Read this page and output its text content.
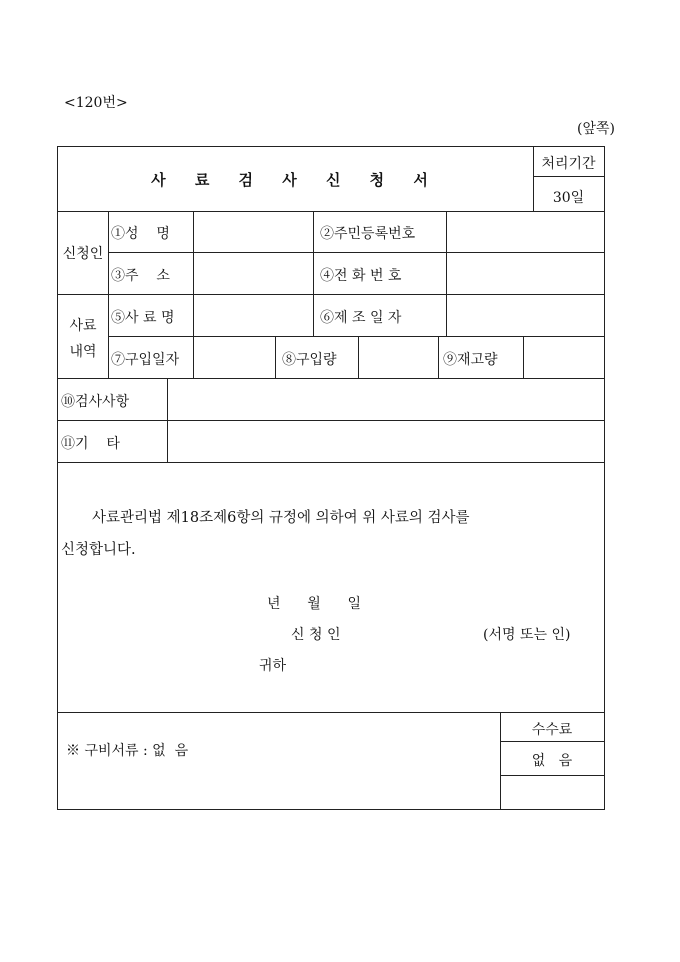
<120번>
(앞쪽)
사 료 검 사 신 청 서
처리기간
30일
신청인
①성    명	②주민등록번호
③주    소	④전 화 번 호
사료
내역
⑤사 료 명	⑥제 조 일 자
⑦구입일자	⑧구입량	⑨재고량
⑩검사사항
⑪기    타
사료관리법 제18조제6항의 규정에 의하여 위 사료의 검사를
신청합니다.
년      월      일
신 청 인	(서명 또는 인)
귀하
※ 구비서류 : 없  음
수수료
없   음
